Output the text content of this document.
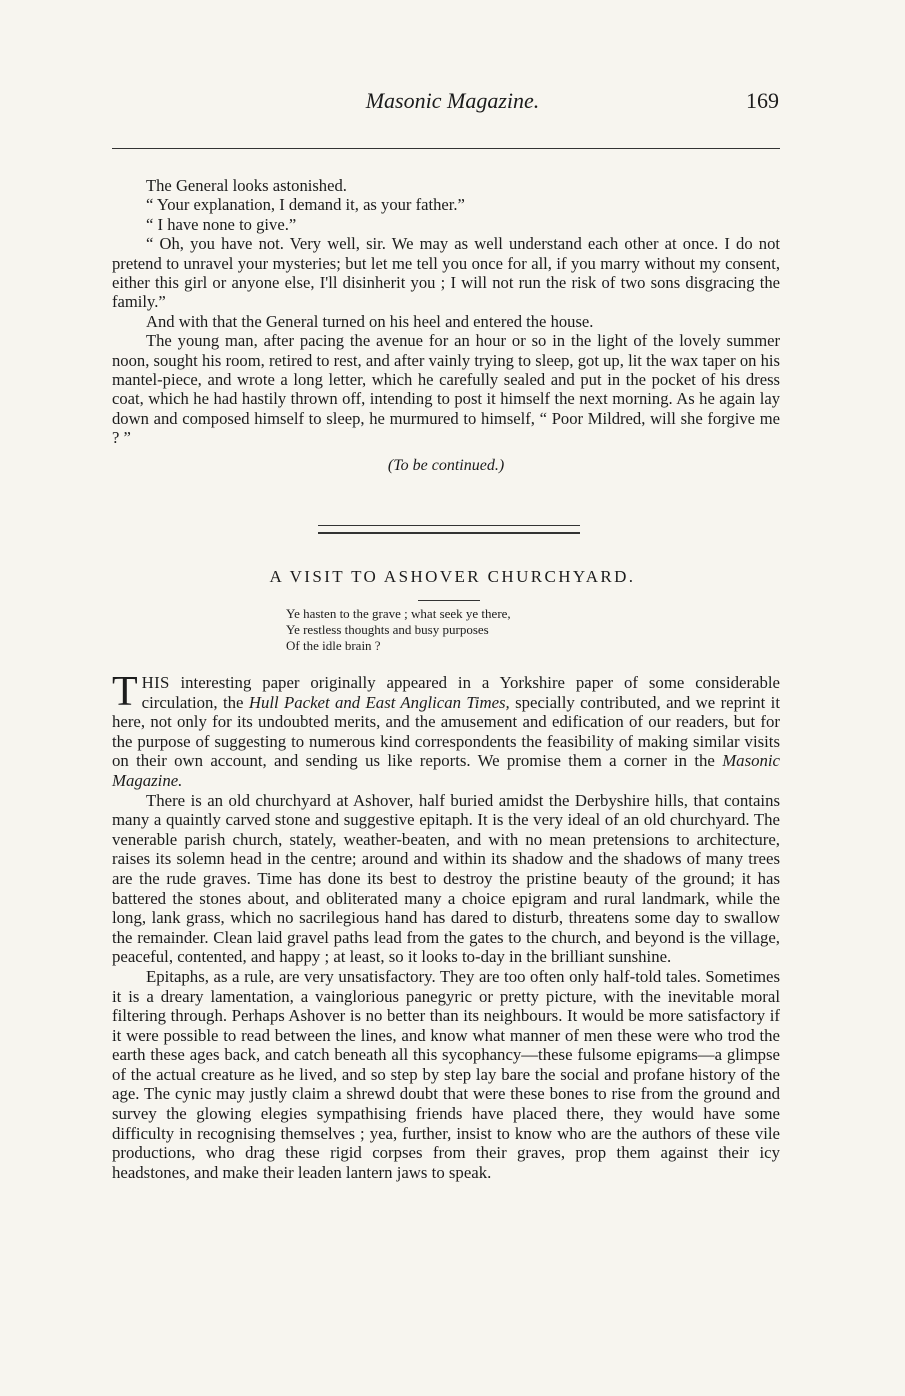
Masonic Magazine.	169

The General looks astonished.

“ Your explanation, I demand it, as your father.”

“ I have none to give.”

“ Oh, you have not. Very well, sir. We may as well understand each other at once. I do not pretend to unravel your mysteries; but let me tell you once for all, if you marry without my consent, either this girl or anyone else, I'll disinherit you ; I will not run the risk of two sons disgracing the family.”

And with that the General turned on his heel and entered the house.

The young man, after pacing the avenue for an hour or so in the light of the lovely summer noon, sought his room, retired to rest, and after vainly trying to sleep, got up, lit the wax taper on his mantel-piece, and wrote a long letter, which he carefully sealed and put in the pocket of his dress coat, which he had hastily thrown off, intending to post it himself the next morning. As he again lay down and composed himself to sleep, he murmured to himself, “ Poor Mildred, will she forgive me ? ”

(To be continued.)
A VISIT TO ASHOVER CHURCHYARD.
Ye hasten to the grave ; what seek ye there,
Ye restless thoughts and busy purposes
Of the idle brain ?

THIS interesting paper originally appeared in a Yorkshire paper of some considerable circulation, the Hull Packet and East Anglican Times, specially contributed, and we reprint it here, not only for its undoubted merits, and the amusement and edification of our readers, but for the purpose of suggesting to numerous kind correspondents the feasibility of making similar visits on their own account, and sending us like reports. We promise them a corner in the Masonic Magazine.

There is an old churchyard at Ashover, half buried amidst the Derbyshire hills, that contains many a quaintly carved stone and suggestive epitaph. It is the very ideal of an old churchyard. The venerable parish church, stately, weather-beaten, and with no mean pretensions to architecture, raises its solemn head in the centre; around and within its shadow and the shadows of many trees are the rude graves. Time has done its best to destroy the pristine beauty of the ground; it has battered the stones about, and obliterated many a choice epigram and rural landmark, while the long, lank grass, which no sacrilegious hand has dared to disturb, threatens some day to swallow the remainder. Clean laid gravel paths lead from the gates to the church, and beyond is the village, peaceful, contented, and happy ; at least, so it looks to-day in the brilliant sunshine.

Epitaphs, as a rule, are very unsatisfactory. They are too often only half-told tales. Sometimes it is a dreary lamentation, a vainglorious panegyric or pretty picture, with the inevitable moral filtering through. Perhaps Ashover is no better than its neighbours. It would be more satisfactory if it were possible to read between the lines, and know what manner of men these were who trod the earth these ages back, and catch beneath all this sycophancy—these fulsome epigrams—a glimpse of the actual creature as he lived, and so step by step lay bare the social and profane history of the age. The cynic may justly claim a shrewd doubt that were these bones to rise from the ground and survey the glowing elegies sympathising friends have placed there, they would have some difficulty in recognising themselves ; yea, further, insist to know who are the authors of these vile productions, who drag these rigid corpses from their graves, prop them against their icy headstones, and make their leaden lantern jaws to speak.
